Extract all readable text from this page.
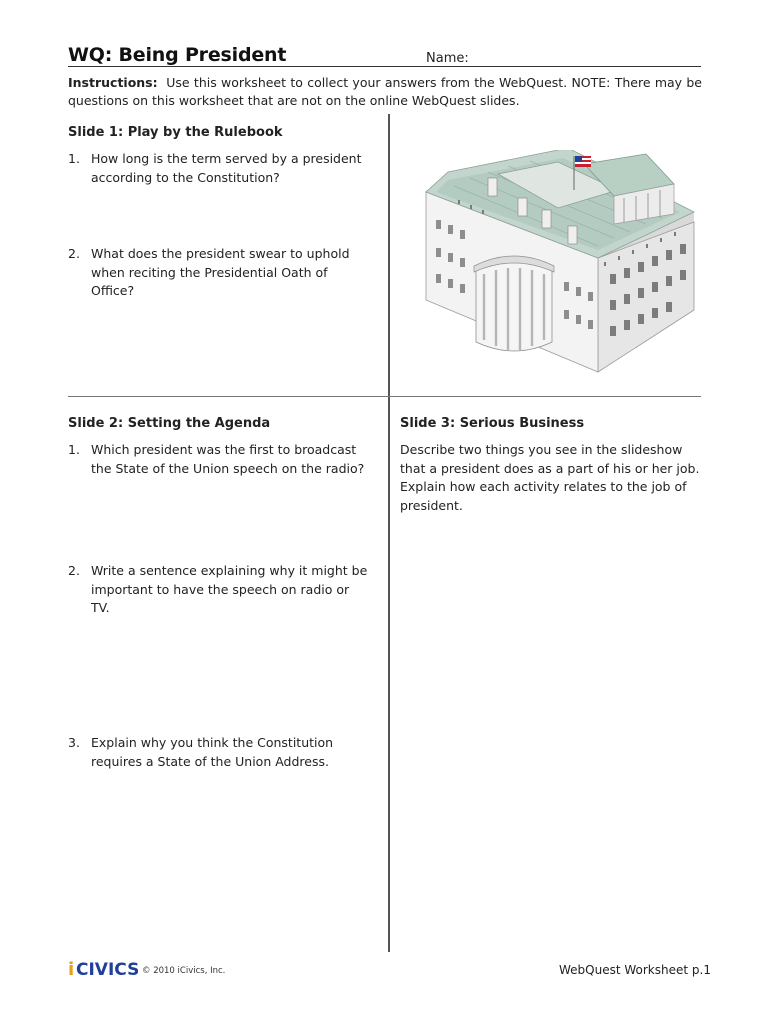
WQ: Being President	Name:
Instructions: Use this worksheet to collect your answers from the WebQuest. NOTE: There may be questions on this worksheet that are not on the online WebQuest slides.
Slide 1: Play by the Rulebook
1. How long is the term served by a president according to the Constitution?
2. What does the president swear to uphold when reciting the Presidential Oath of Office?
Slide 2: Setting the Agenda
1. Which president was the first to broadcast the State of the Union speech on the radio?
2. Write a sentence explaining why it might be important to have the speech on radio or TV.
3. Explain why you think the Constitution requires a State of the Union Address.
Slide 3: Serious Business
Describe two things you see in the slideshow that a president does as a part of his or her job. Explain how each activity relates to the job of president.
i CIVICS © 2010 iCivics, Inc.	WebQuest Worksheet p.1
